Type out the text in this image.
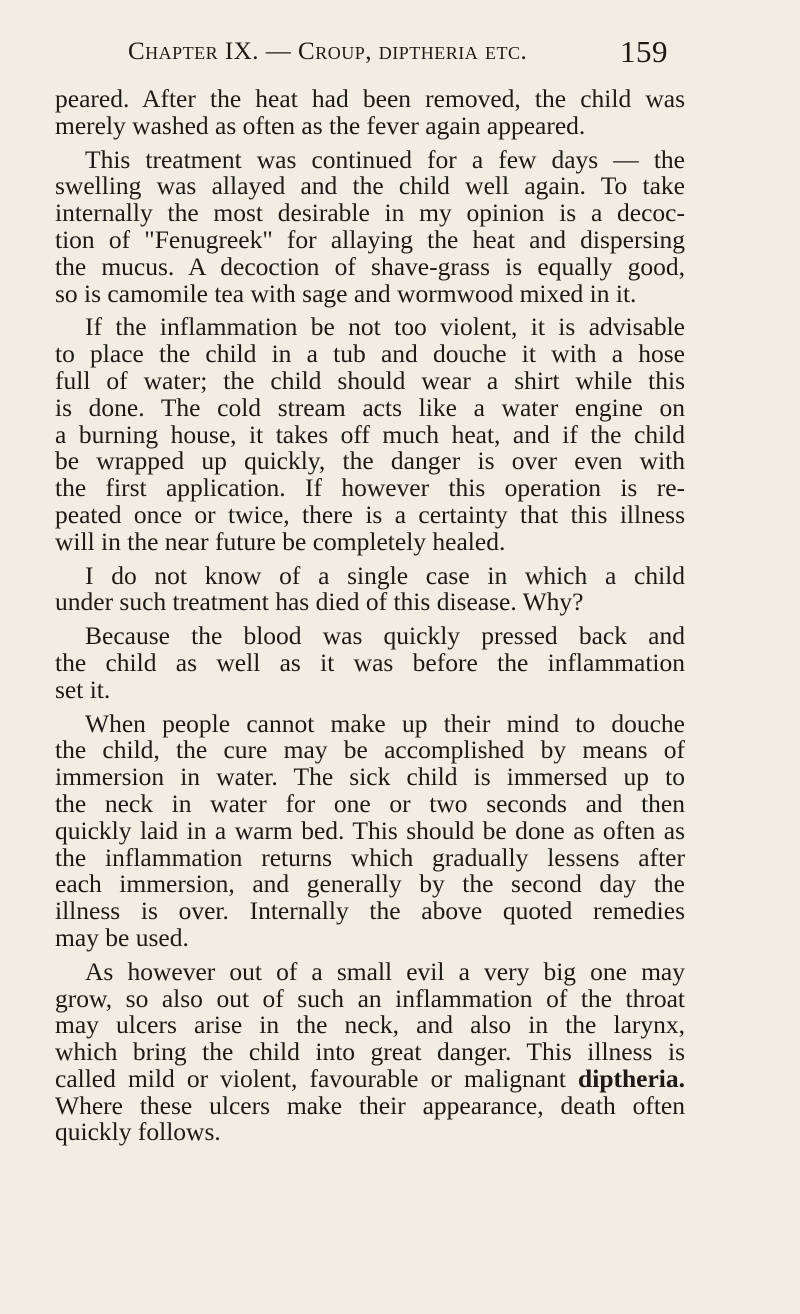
Chapter IX. — Croup, diptheria etc.	159
peared. After the heat had been removed, the child was
merely washed as often as the fever again appeared.
This treatment was continued for a few days — the
swelling was allayed and the child well again. To take
internally the most desirable in my opinion is a decoc-
tion of "Fenugreek" for allaying the heat and dispersing
the mucus. A decoction of shave-grass is equally good,
so is camomile tea with sage and wormwood mixed in it.
If the inflammation be not too violent, it is advisable
to place the child in a tub and douche it with a hose
full of water; the child should wear a shirt while this
is done. The cold stream acts like a water engine on
a burning house, it takes off much heat, and if the child
be wrapped up quickly, the danger is over even with
the first application. If however this operation is re-
peated once or twice, there is a certainty that this illness
will in the near future be completely healed.
I do not know of a single case in which a child
under such treatment has died of this disease. Why?
Because the blood was quickly pressed back and
the child as well as it was before the inflammation
set it.
When people cannot make up their mind to douche
the child, the cure may be accomplished by means of
immersion in water. The sick child is immersed up to
the neck in water for one or two seconds and then
quickly laid in a warm bed. This should be done as often as
the inflammation returns which gradually lessens after
each immersion, and generally by the second day the
illness is over. Internally the above quoted remedies
may be used.
As however out of a small evil a very big one may
grow, so also out of such an inflammation of the throat
may ulcers arise in the neck, and also in the larynx,
which bring the child into great danger. This illness is
called mild or violent, favourable or malignant diptheria.
Where these ulcers make their appearance, death often
quickly follows.
